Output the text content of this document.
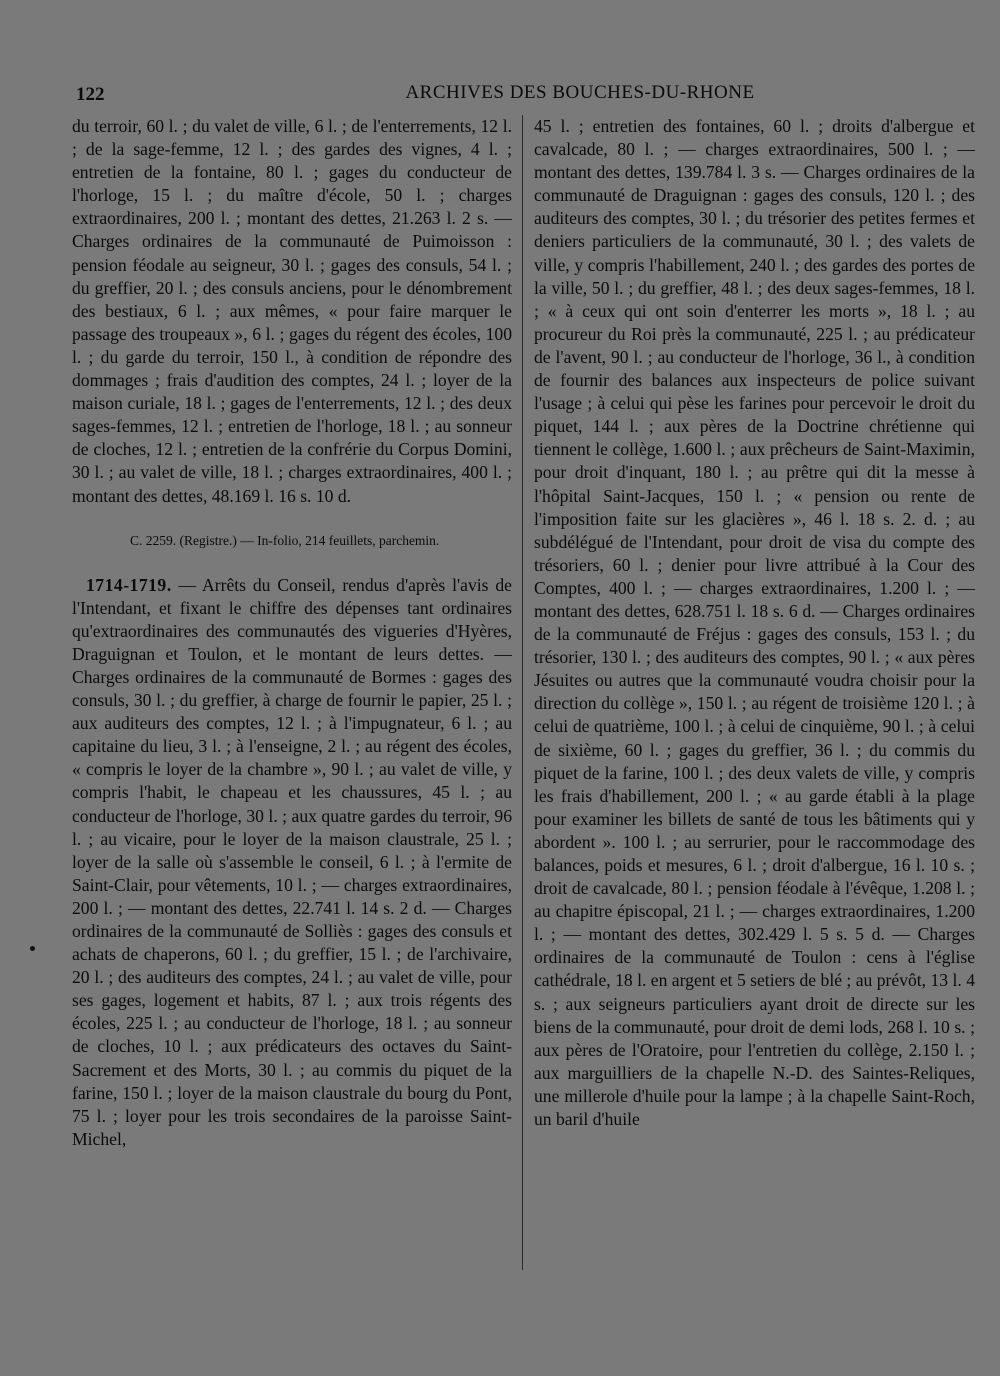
122	ARCHIVES DES BOUCHES-DU-RHONE

du terroir, 60 l. ; du valet de ville, 6 l. ; de l'enterrements, 12 l. ; de la sage-femme, 12 l. ; des gardes des vignes, 4 l. ; entretien de la fontaine, 80 l. ; gages du conducteur de l'horloge, 15 l. ; du maître d'école, 50 l. ; charges extraordinaires, 200 l. ; montant des dettes, 21.263 l. 2 s. — Charges ordinaires de la communauté de Puimoisson : pension féodale au seigneur, 30 l. ; gages des consuls, 54 l. ; du greffier, 20 l. ; des consuls anciens, pour le dénombrement des bestiaux, 6 l. ; aux mêmes, « pour faire marquer le passage des troupeaux », 6 l. ; gages du régent des écoles, 100 l. ; du garde du terroir, 150 l., à condition de répondre des dommages ; frais d'audition des comptes, 24 l. ; loyer de la maison curiale, 18 l. ; gages de l'enterrements, 12 l. ; des deux sages-femmes, 12 l. ; entretien de l'horloge, 18 l. ; au sonneur de cloches, 12 l. ; entretien de la confrérie du Corpus Domini, 30 l. ; au valet de ville, 18 l. ; charges extraordinaires, 400 l. ; montant des dettes, 48.169 l. 16 s. 10 d.

C. 2259. (Registre.) — In-folio, 214 feuillets, parchemin.

1714-1719. — Arrêts du Conseil, rendus d'après l'avis de l'Intendant, et fixant le chiffre des dépenses tant ordinaires qu'extraordinaires des communautés des vigueries d'Hyères, Draguignan et Toulon, et le montant de leurs dettes. — Charges ordinaires de la communauté de Bormes : gages des consuls, 30 l. ; du greffier, à charge de fournir le papier, 25 l. ; aux auditeurs des comptes, 12 l. ; à l'impugnateur, 6 l. ; au capitaine du lieu, 3 l. ; à l'enseigne, 2 l. ; au régent des écoles, « compris le loyer de la chambre », 90 l. ; au valet de ville, y compris l'habit, le chapeau et les chaussures, 45 l. ; au conducteur de l'horloge, 30 l. ; aux quatre gardes du terroir, 96 l. ; au vicaire, pour le loyer de la maison claustrale, 25 l. ; loyer de la salle où s'assemble le conseil, 6 l. ; à l'ermite de Saint-Clair, pour vêtements, 10 l. ; — charges extraordinaires, 200 l. ; — montant des dettes, 22.741 l. 14 s. 2 d. — Charges ordinaires de la communauté de Solliès : gages des consuls et achats de chaperons, 60 l. ; du greffier, 15 l. ; de l'archivaire, 20 l. ; des auditeurs des comptes, 24 l. ; au valet de ville, pour ses gages, logement et habits, 87 l. ; aux trois régents des écoles, 225 l. ; au conducteur de l'horloge, 18 l. ; au sonneur de cloches, 10 l. ; aux prédicateurs des octaves du Saint-Sacrement et des Morts, 30 l. ; au commis du piquet de la farine, 150 l. ; loyer de la maison claustrale du bourg du Pont, 75 l. ; loyer pour les trois secondaires de la paroisse Saint-Michel,

45 l. ; entretien des fontaines, 60 l. ; droits d'albergue et cavalcade, 80 l. ; — charges extraordinaires, 500 l. ; — montant des dettes, 139.784 l. 3 s. — Charges ordinaires de la communauté de Draguignan : gages des consuls, 120 l. ; des auditeurs des comptes, 30 l. ; du trésorier des petites fermes et deniers particuliers de la communauté, 30 l. ; des valets de ville, y compris l'habillement, 240 l. ; des gardes des portes de la ville, 50 l. ; du greffier, 48 l. ; des deux sages-femmes, 18 l. ; « à ceux qui ont soin d'enterrer les morts », 18 l. ; au procureur du Roi près la communauté, 225 l. ; au prédicateur de l'avent, 90 l. ; au conducteur de l'horloge, 36 l., à condition de fournir des balances aux inspecteurs de police suivant l'usage ; à celui qui pèse les farines pour percevoir le droit du piquet, 144 l. ; aux pères de la Doctrine chrétienne qui tiennent le collège, 1.600 l. ; aux prêcheurs de Saint-Maximin, pour droit d'inquant, 180 l. ; au prêtre qui dit la messe à l'hôpital Saint-Jacques, 150 l. ; « pension ou rente de l'imposition faite sur les glacières », 46 l. 18 s. 2. d. ; au subdélégué de l'Intendant, pour droit de visa du compte des trésoriers, 60 l. ; denier pour livre attribué à la Cour des Comptes, 400 l. ; — charges extraordinaires, 1.200 l. ; — montant des dettes, 628.751 l. 18 s. 6 d. — Charges ordinaires de la communauté de Fréjus : gages des consuls, 153 l. ; du trésorier, 130 l. ; des auditeurs des comptes, 90 l. ; « aux pères Jésuites ou autres que la communauté voudra choisir pour la direction du collège », 150 l. ; au régent de troisième 120 l. ; à celui de quatrième, 100 l. ; à celui de cinquième, 90 l. ; à celui de sixième, 60 l. ; gages du greffier, 36 l. ; du commis du piquet de la farine, 100 l. ; des deux valets de ville, y compris les frais d'habillement, 200 l. ; « au garde établi à la plage pour examiner les billets de santé de tous les bâtiments qui y abordent ». 100 l. ; au serrurier, pour le raccommodage des balances, poids et mesures, 6 l. ; droit d'albergue, 16 l. 10 s. ; droit de cavalcade, 80 l. ; pension féodale à l'évêque, 1.208 l. ; au chapitre épiscopal, 21 l. ; — charges extraordinaires, 1.200 l. ; — montant des dettes, 302.429 l. 5 s. 5 d. — Charges ordinaires de la communauté de Toulon : cens à l'église cathédrale, 18 l. en argent et 5 setiers de blé ; au prévôt, 13 l. 4 s. ; aux seigneurs particuliers ayant droit de directe sur les biens de la communauté, pour droit de demi lods, 268 l. 10 s. ; aux pères de l'Oratoire, pour l'entretien du collège, 2.150 l. ; aux marguilliers de la chapelle N.-D. des Saintes-Reliques, une millerole d'huile pour la lampe ; à la chapelle Saint-Roch, un baril d'huile
